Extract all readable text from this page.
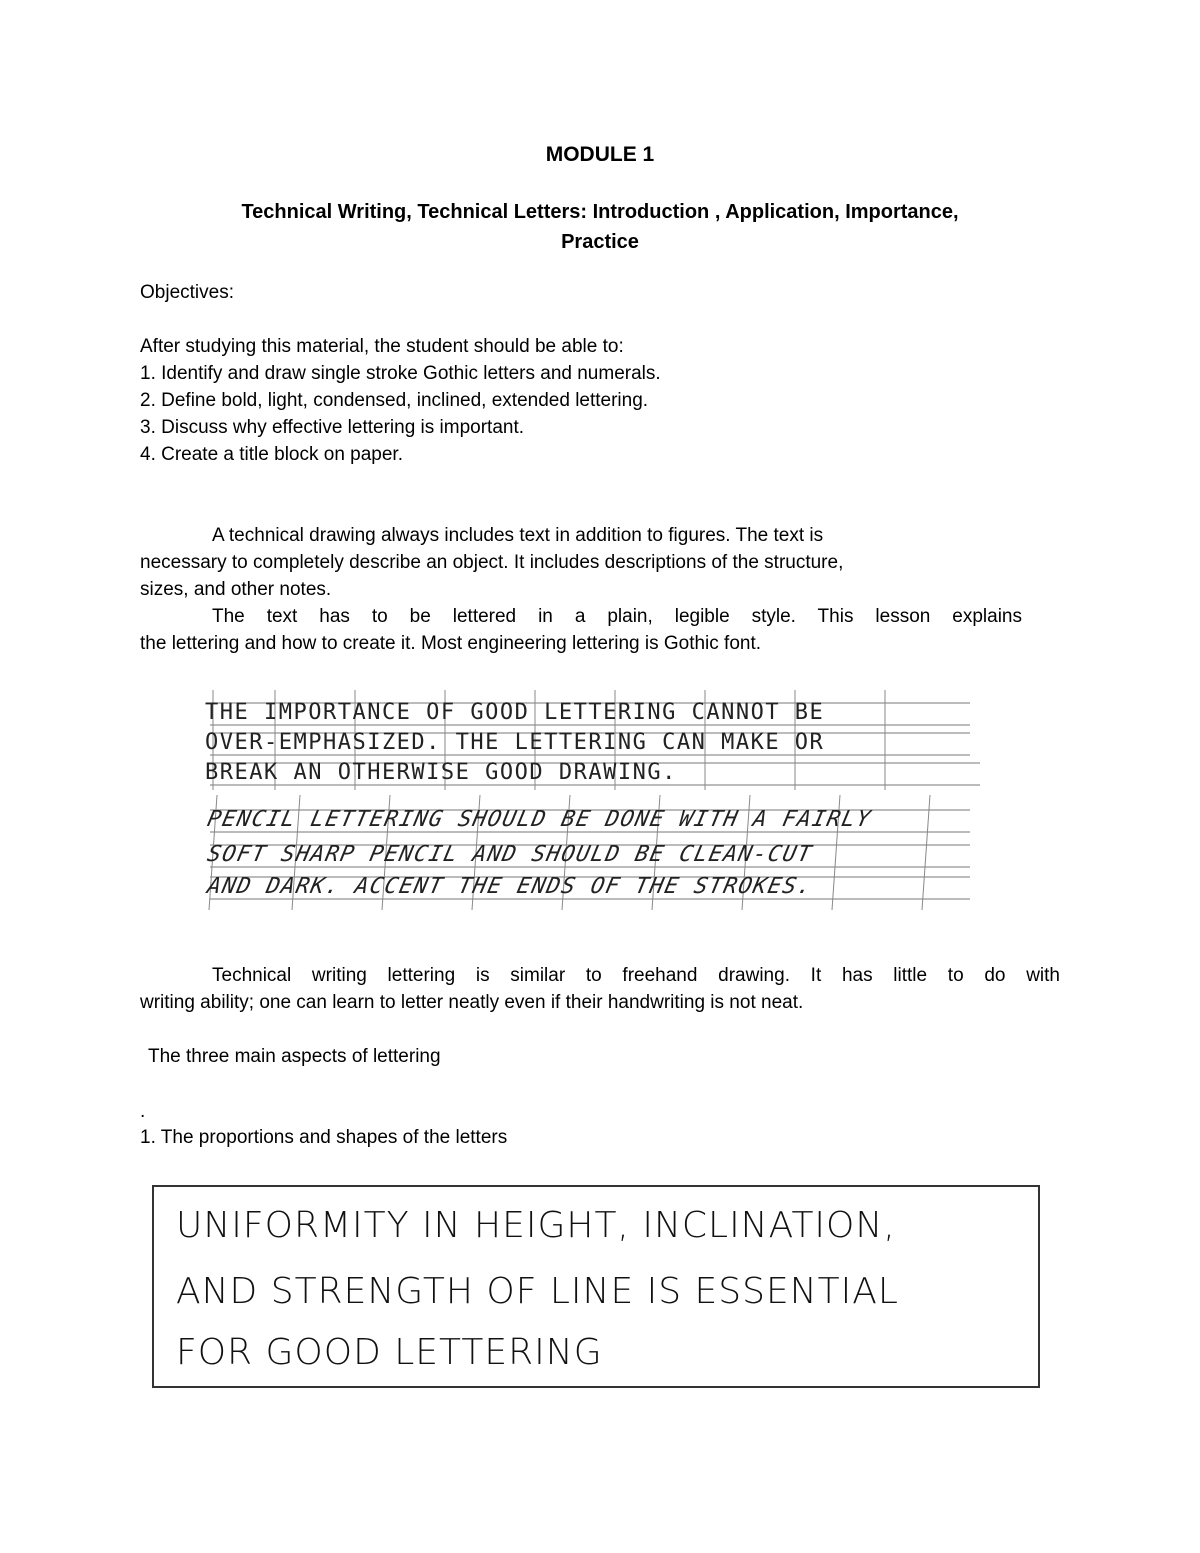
MODULE 1
Technical Writing, Technical Letters: Introduction , Application, Importance,
Practice
Objectives:
After studying this material, the student should be able to:
1. Identify and draw single stroke Gothic letters and numerals.
2. Define bold, light, condensed, inclined, extended lettering.
3. Discuss why effective lettering is important.
4. Create a title block on paper.
A technical drawing always includes text in addition to figures. The text is
necessary to completely describe an object. It includes descriptions of the structure,
sizes, and other notes.
The text has to be lettered in a plain, legible style. This lesson explains
the lettering and how to create it. Most engineering lettering is Gothic font.
THE IMPORTANCE OF GOOD LETTERING CANNOT BE
OVER-EMPHASIZED. THE LETTERING CAN MAKE OR
BREAK AN OTHERWISE GOOD DRAWING.
PENCIL LETTERING SHOULD BE DONE WITH A FAIRLY
SOFT SHARP PENCIL AND SHOULD BE CLEAN-CUT
AND DARK. ACCENT THE ENDS OF THE STROKES.
Technical writing lettering is similar to freehand drawing. It has little to do with
writing ability; one can learn to letter neatly even if their handwriting is not neat.
The three main aspects of lettering
.
1. The proportions and shapes of the letters
UNIFORMITY IN HEIGHT, INCLINATION,
AND STRENGTH OF LINE IS ESSENTIAL
FOR GOOD LETTERING
